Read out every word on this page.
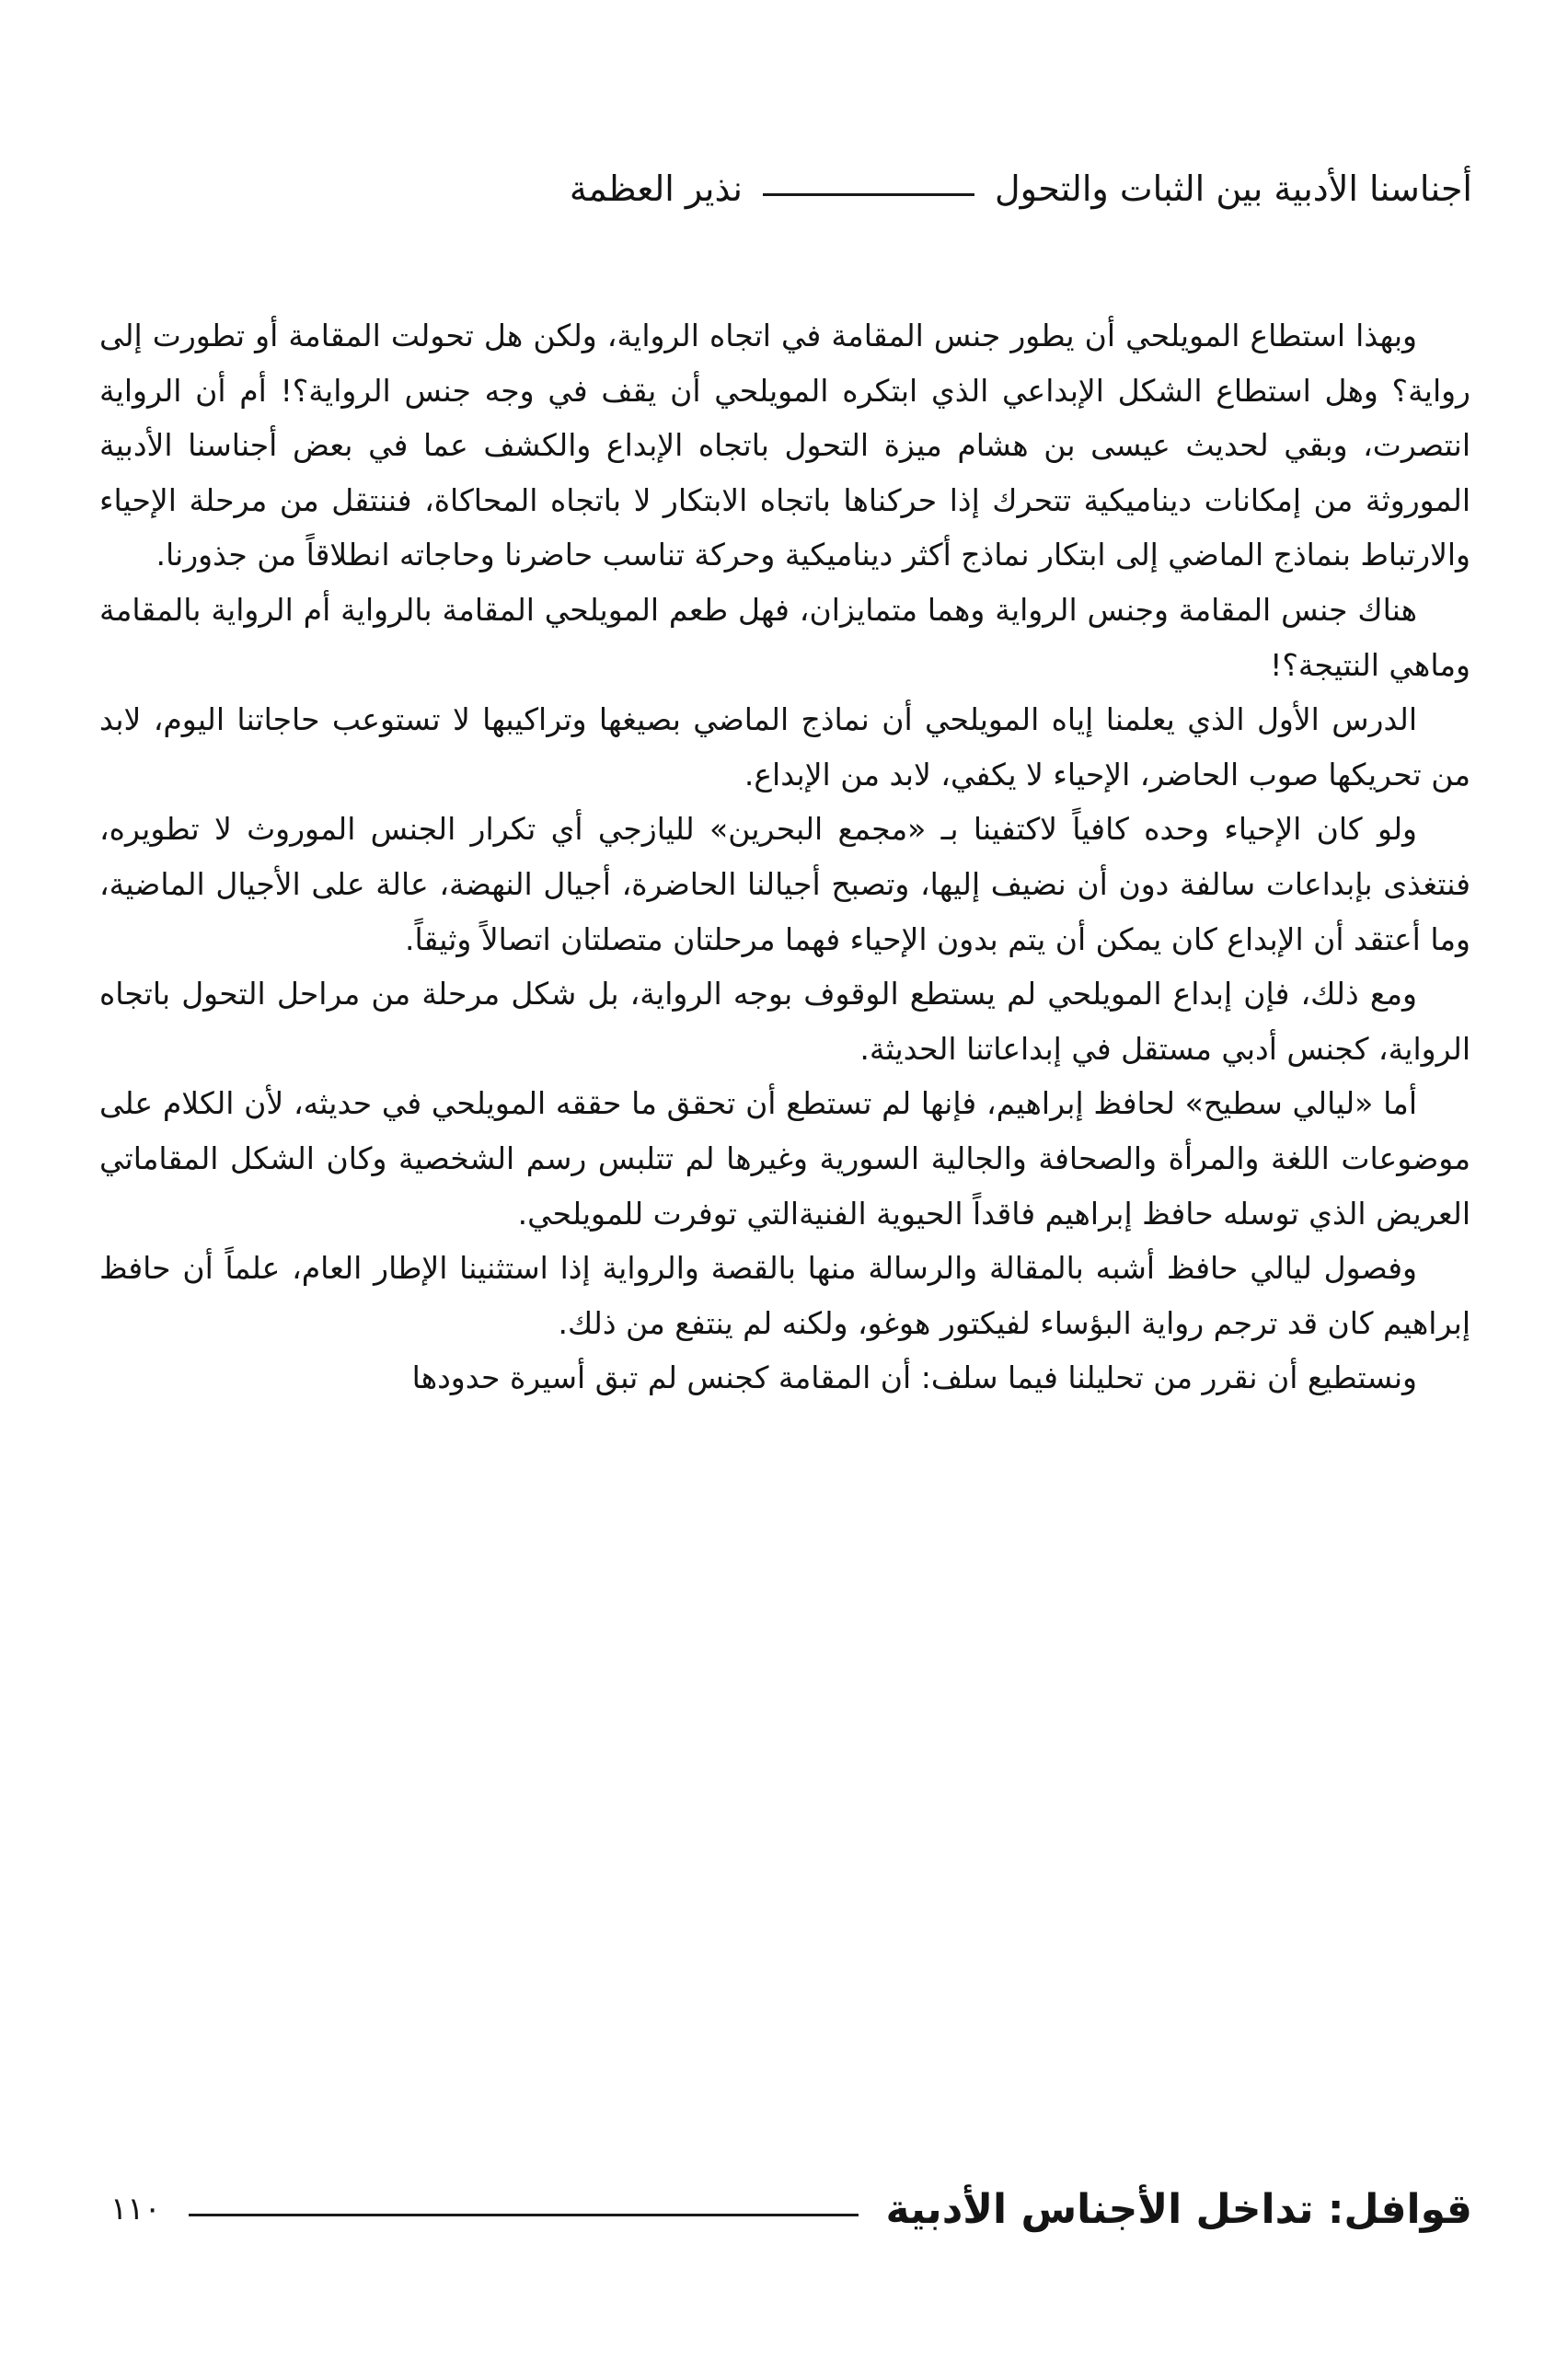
أجناسنا الأدبية بين الثبات والتحول
نذير العظمة

وبهذا استطاع المويلحي أن يطور جنس المقامة في اتجاه الرواية، ولكن هل تحولت المقامة أو تطورت إلى رواية؟ وهل استطاع الشكل الإبداعي الذي ابتكره المويلحي أن يقف في وجه جنس الرواية؟! أم أن الرواية انتصرت، وبقي لحديث عيسى بن هشام ميزة التحول باتجاه الإبداع والكشف عما في بعض أجناسنا الأدبية الموروثة من إمكانات ديناميكية تتحرك إذا حركناها باتجاه الابتكار لا باتجاه المحاكاة، فننتقل من مرحلة الإحياء والارتباط بنماذج الماضي إلى ابتكار نماذج أكثر ديناميكية وحركة تناسب حاضرنا وحاجاته انطلاقاً من جذورنا.

هناك جنس المقامة وجنس الرواية وهما متمايزان، فهل طعم المويلحي المقامة بالرواية أم الرواية بالمقامة وماهي النتيجة؟!

الدرس الأول الذي يعلمنا إياه المويلحي أن نماذج الماضي بصيغها وتراكيبها لا تستوعب حاجاتنا اليوم، لابد من تحريكها صوب الحاضر، الإحياء لا يكفي، لابد من الإبداع.

ولو كان الإحياء وحده كافياً لاكتفينا بـ «مجمع البحرين» لليازجي أي تكرار الجنس الموروث لا تطويره، فنتغذى بإبداعات سالفة دون أن نضيف إليها، وتصبح أجيالنا الحاضرة، أجيال النهضة، عالة على الأجيال الماضية، وما أعتقد أن الإبداع كان يمكن أن يتم بدون الإحياء فهما مرحلتان متصلتان اتصالاً وثيقاً.

ومع ذلك، فإن إبداع المويلحي لم يستطع الوقوف بوجه الرواية، بل شكل مرحلة من مراحل التحول باتجاه الرواية، كجنس أدبي مستقل في إبداعاتنا الحديثة.

أما «ليالي سطيح» لحافظ إبراهيم، فإنها لم تستطع أن تحقق ما حققه المويلحي في حديثه، لأن الكلام على موضوعات اللغة والمرأة والصحافة والجالية السورية وغيرها لم تتلبس رسم الشخصية وكان الشكل المقاماتي العريض الذي توسله حافظ إبراهيم فاقداً الحيوية الفنيةالتي توفرت للمويلحي.

وفصول ليالي حافظ أشبه بالمقالة والرسالة منها بالقصة والرواية إذا استثنينا الإطار العام، علماً أن حافظ إبراهيم كان قد ترجم رواية البؤساء لفيكتور هوغو، ولكنه لم ينتفع من ذلك.

ونستطيع أن نقرر من تحليلنا فيما سلف: أن المقامة كجنس لم تبق أسيرة حدودها

قوافل: تداخل الأجناس الأدبية
١١٠
